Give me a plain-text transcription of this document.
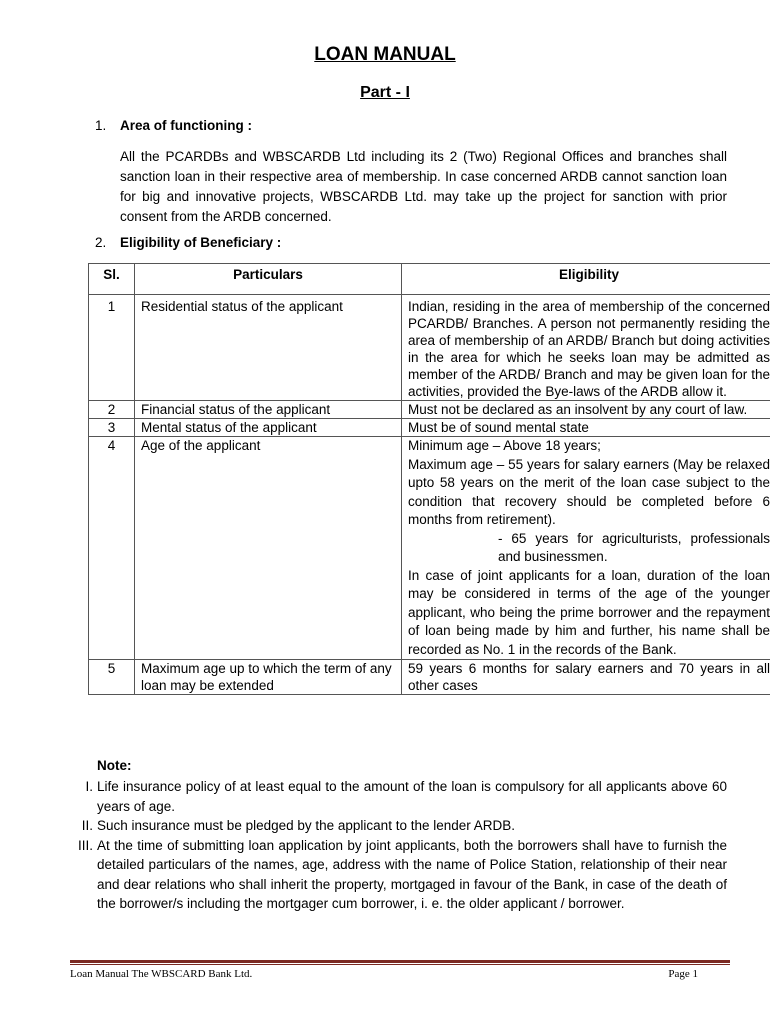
LOAN MANUAL
Part - I
1. Area of functioning :
All the PCARDBs and WBSCARDB Ltd including its 2 (Two) Regional Offices and branches shall sanction loan in their respective area of membership. In case concerned ARDB cannot sanction loan for big and innovative projects, WBSCARDB Ltd. may take up the project for sanction with prior consent from the ARDB concerned.
2. Eligibility of Beneficiary :
Sl.	Particulars	Eligibility
1	Residential status of the applicant	Indian, residing in the area of membership of the concerned PCARDB/ Branches. A person not permanently residing the area of membership of an ARDB/ Branch but doing activities in the area for which he seeks loan may be admitted as member of the ARDB/ Branch and may be given loan for the activities, provided the Bye-laws of the ARDB allow it.
2	Financial status of the applicant	Must not be declared as an insolvent by any court of law.
3	Mental status of the applicant	Must be of sound mental state
4	Age of the applicant	Minimum age – Above 18 years;
Maximum age – 55 years for salary earners (May be relaxed upto 58 years on the merit of the loan case subject to the condition that recovery should be completed before 6 months from retirement).
- 65 years for agriculturists, professionals and businessmen.
In case of joint applicants for a loan, duration of the loan may be considered in terms of the age of the younger applicant, who being the prime borrower and the repayment of loan being made by him and further, his name shall be recorded as No. 1 in the records of the Bank.

5	Maximum age up to which the term of any loan may be extended	59 years 6 months for salary earners and 70 years in all other cases
Note:
I. Life insurance policy of at least equal to the amount of the loan is compulsory for all applicants above 60 years of age.
II. Such insurance must be pledged by the applicant to the lender ARDB.
III. At the time of submitting loan application by joint applicants, both the borrowers shall have to furnish the detailed particulars of the names, age, address with the name of Police Station, relationship of their near and dear relations who shall inherit the property, mortgaged in favour of the Bank, in case of the death of the borrower/s including the mortgager cum borrower, i. e. the older applicant / borrower.
Loan Manual The WBSCARD Bank Ltd.	Page 1
